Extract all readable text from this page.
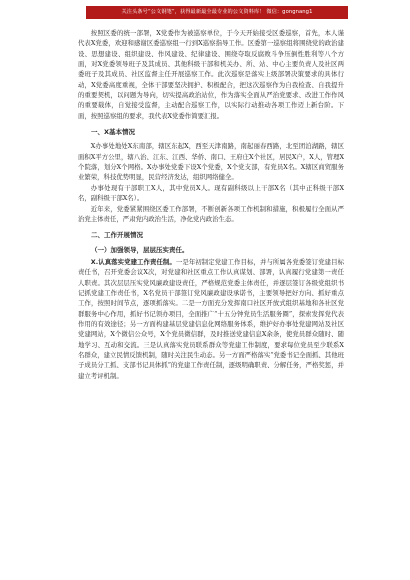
关注头条号“公文钢笔”，获得最新最全最专业的公文资料库！ 微信：gongnang1

按照区委的统一部署，X党委作为被巡察单位，于今天开始接受区委巡察，首先，本人谨代表X党委，欢迎和感谢区委巡察组一行到X巡察指导工作。区委第一巡察组将围绕党的政治建设、思想建设、组织建设、作风建设、纪律建设、围绕夺取反腐败斗争压倒性胜利等八个方面，对X党委领导班子及其成员、其他科级干部和机关办、所、站、中心主要负责人及社区两委班子及其成员、社区监督主任开展巡察工作。此次巡察是落实上级部署决策要求的具体行动，X党委高度重视，全体干部要坚决拥护、积极配合，把这次巡察作为自我检查、自我提升的重要契机，以问题为导向，切实提高政治站位，作为落实全面从严治党要求、改进工作作风的重要载体，自觉接受监督，主动配合巡察工作，以实际行动推动各项工作迈上新台阶。下面，按照巡察组的要求，我代表X党委作简要汇报。

一、X基本情况

X办事处地处X东南部，辖区东起X，西至天津南路，南起丽春西路，北至团泊湖路，辖区面积X平方公里，辖八治、江东、江西、华侨、南口、王府庄X个社区，居民X户，X人，管理X个院落，划分X个网格。X办事处党委下设X个党委，X个党支部，有党员X名。X辖区商贸服务业繁荣，科技优势明显，民营经济发达，组织网络健全。

办事处现有干部职工X人，其中党员X人。现有副科级以上干部X名（其中正科级干部X名，副科级干部X名）。

近年来，党委紧紧围绕区委工作部署，不断创新各项工作机制和措施，积极履行全面从严治党主体责任，严肃党内政治生活，净化党内政治生态。

二、工作开展情况
（一）加强领导，层层压实责任。

X.认真落实党建工作责任制。一是年初制定党建工作目标，并与所属各党委签订党建目标责任书，召开党委会议X次，对党建和社区重点工作认真谋划、部署，认真履行党建第一责任人职责。其次层层压实党风廉政建设责任，严格规范党委主体责任，并逐层签订各级党组织书记抓党建工作责任书，X名党员干部签订党风廉政建设承诺书，主要领导把好方向、抓好重点工作，按照时间节点，逐项抓落实。二是一方面充分发挥南口社区开放式组织基地和各社区党群服务中心作用，抓好书记领办项目，全面推广“十五分钟党员生活服务圈”，探索发挥党代表作用的有效途径；另一方面构建基层党建信息化网络服务体系，维护好办事处党建网站及社区党建网站，X个微信公众号，X个党员微信群，及时推送党建信息X余条，使党员群众随时、随地学习、互动和交流。三是认真落实党员联系群众等党建工作制度，要求每位党员至少联系X名群众，建立民情反馈机制，随时关注民生动态。另一方面严格落实“党委书记全面抓、其他班子成员分工抓、支部书记具体抓”的党建工作责任制，逐级明确职责、分解任务，严格奖惩，并建立考评机制。
